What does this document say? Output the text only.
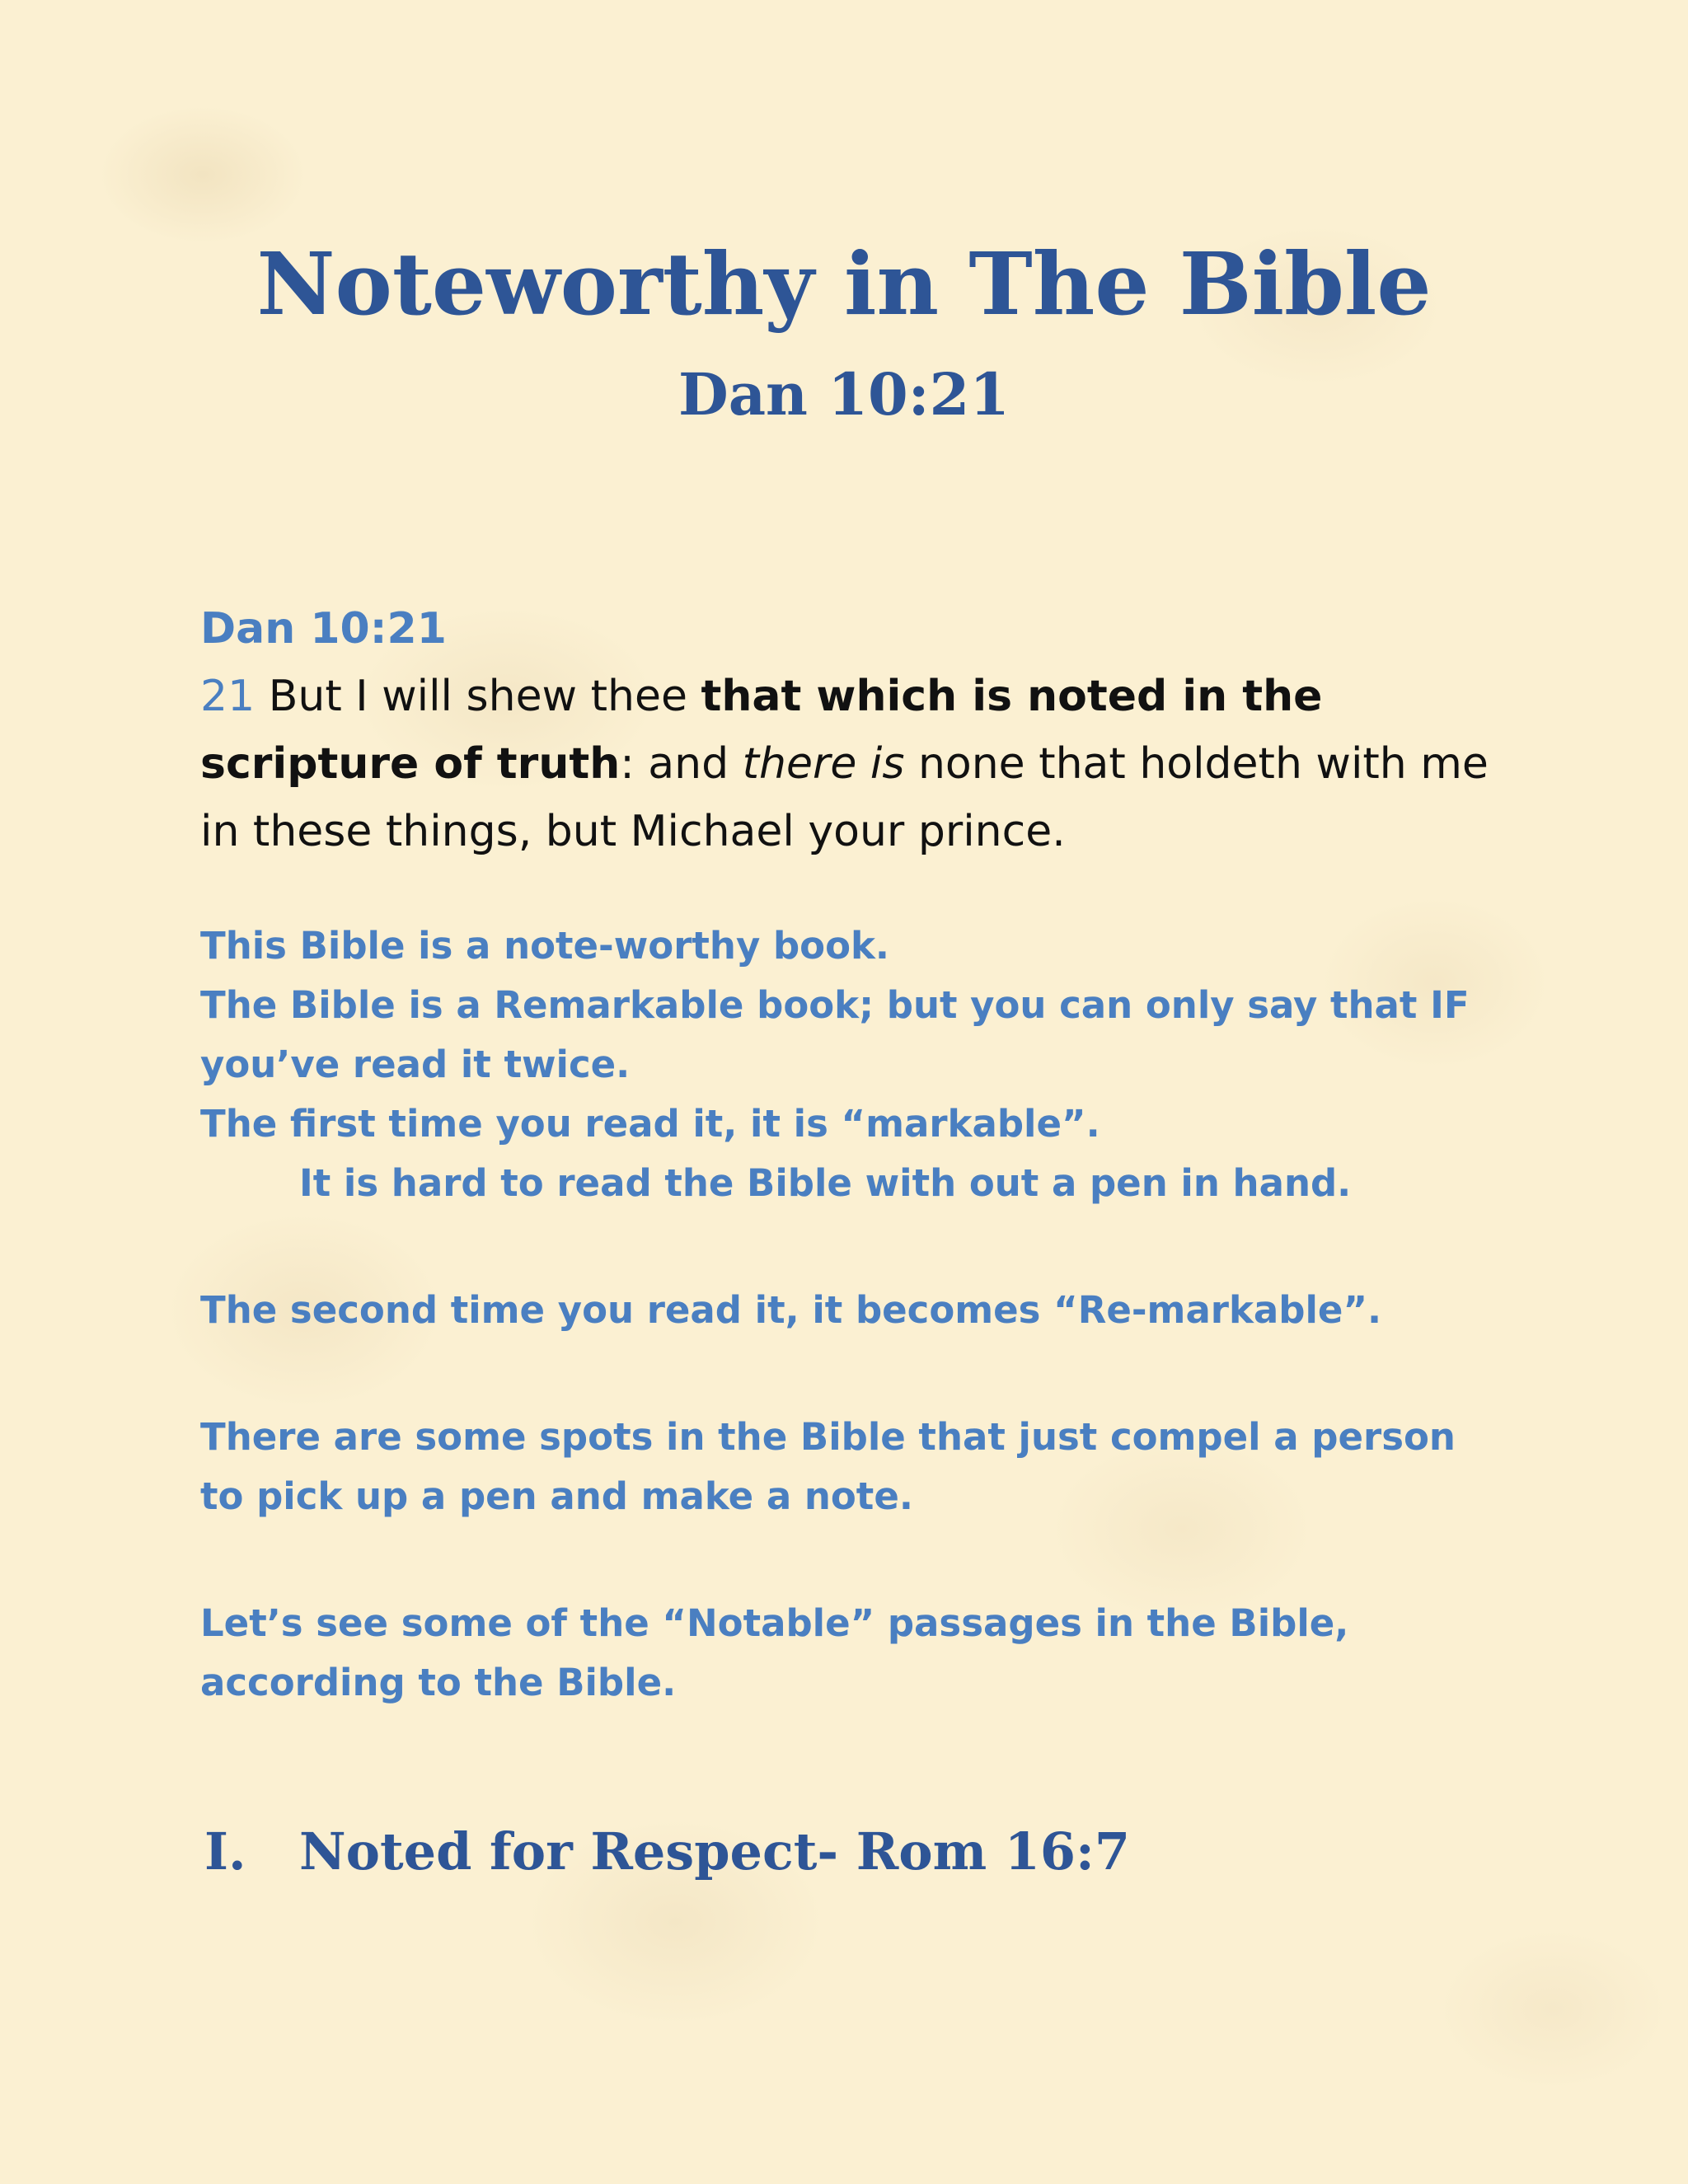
Noteworthy in The Bible
Dan 10:21
Dan 10:21

21 But I will shew thee that which is noted in the scripture of truth: and there is none that holdeth with me in these things, but Michael your prince.

This Bible is a note-worthy book.

The Bible is a Remarkable book; but you can only say that IF you’ve read it twice.

The first time you read it, it is “markable”.

It is hard to read the Bible with out a pen in hand.

The second time you read it, it becomes “Re-markable”.

There are some spots in the Bible that just compel a person to pick up a pen and make a note.

Let’s see some of the “Notable” passages in the Bible, according to the Bible.

I. Noted for Respect- Rom 16:7
